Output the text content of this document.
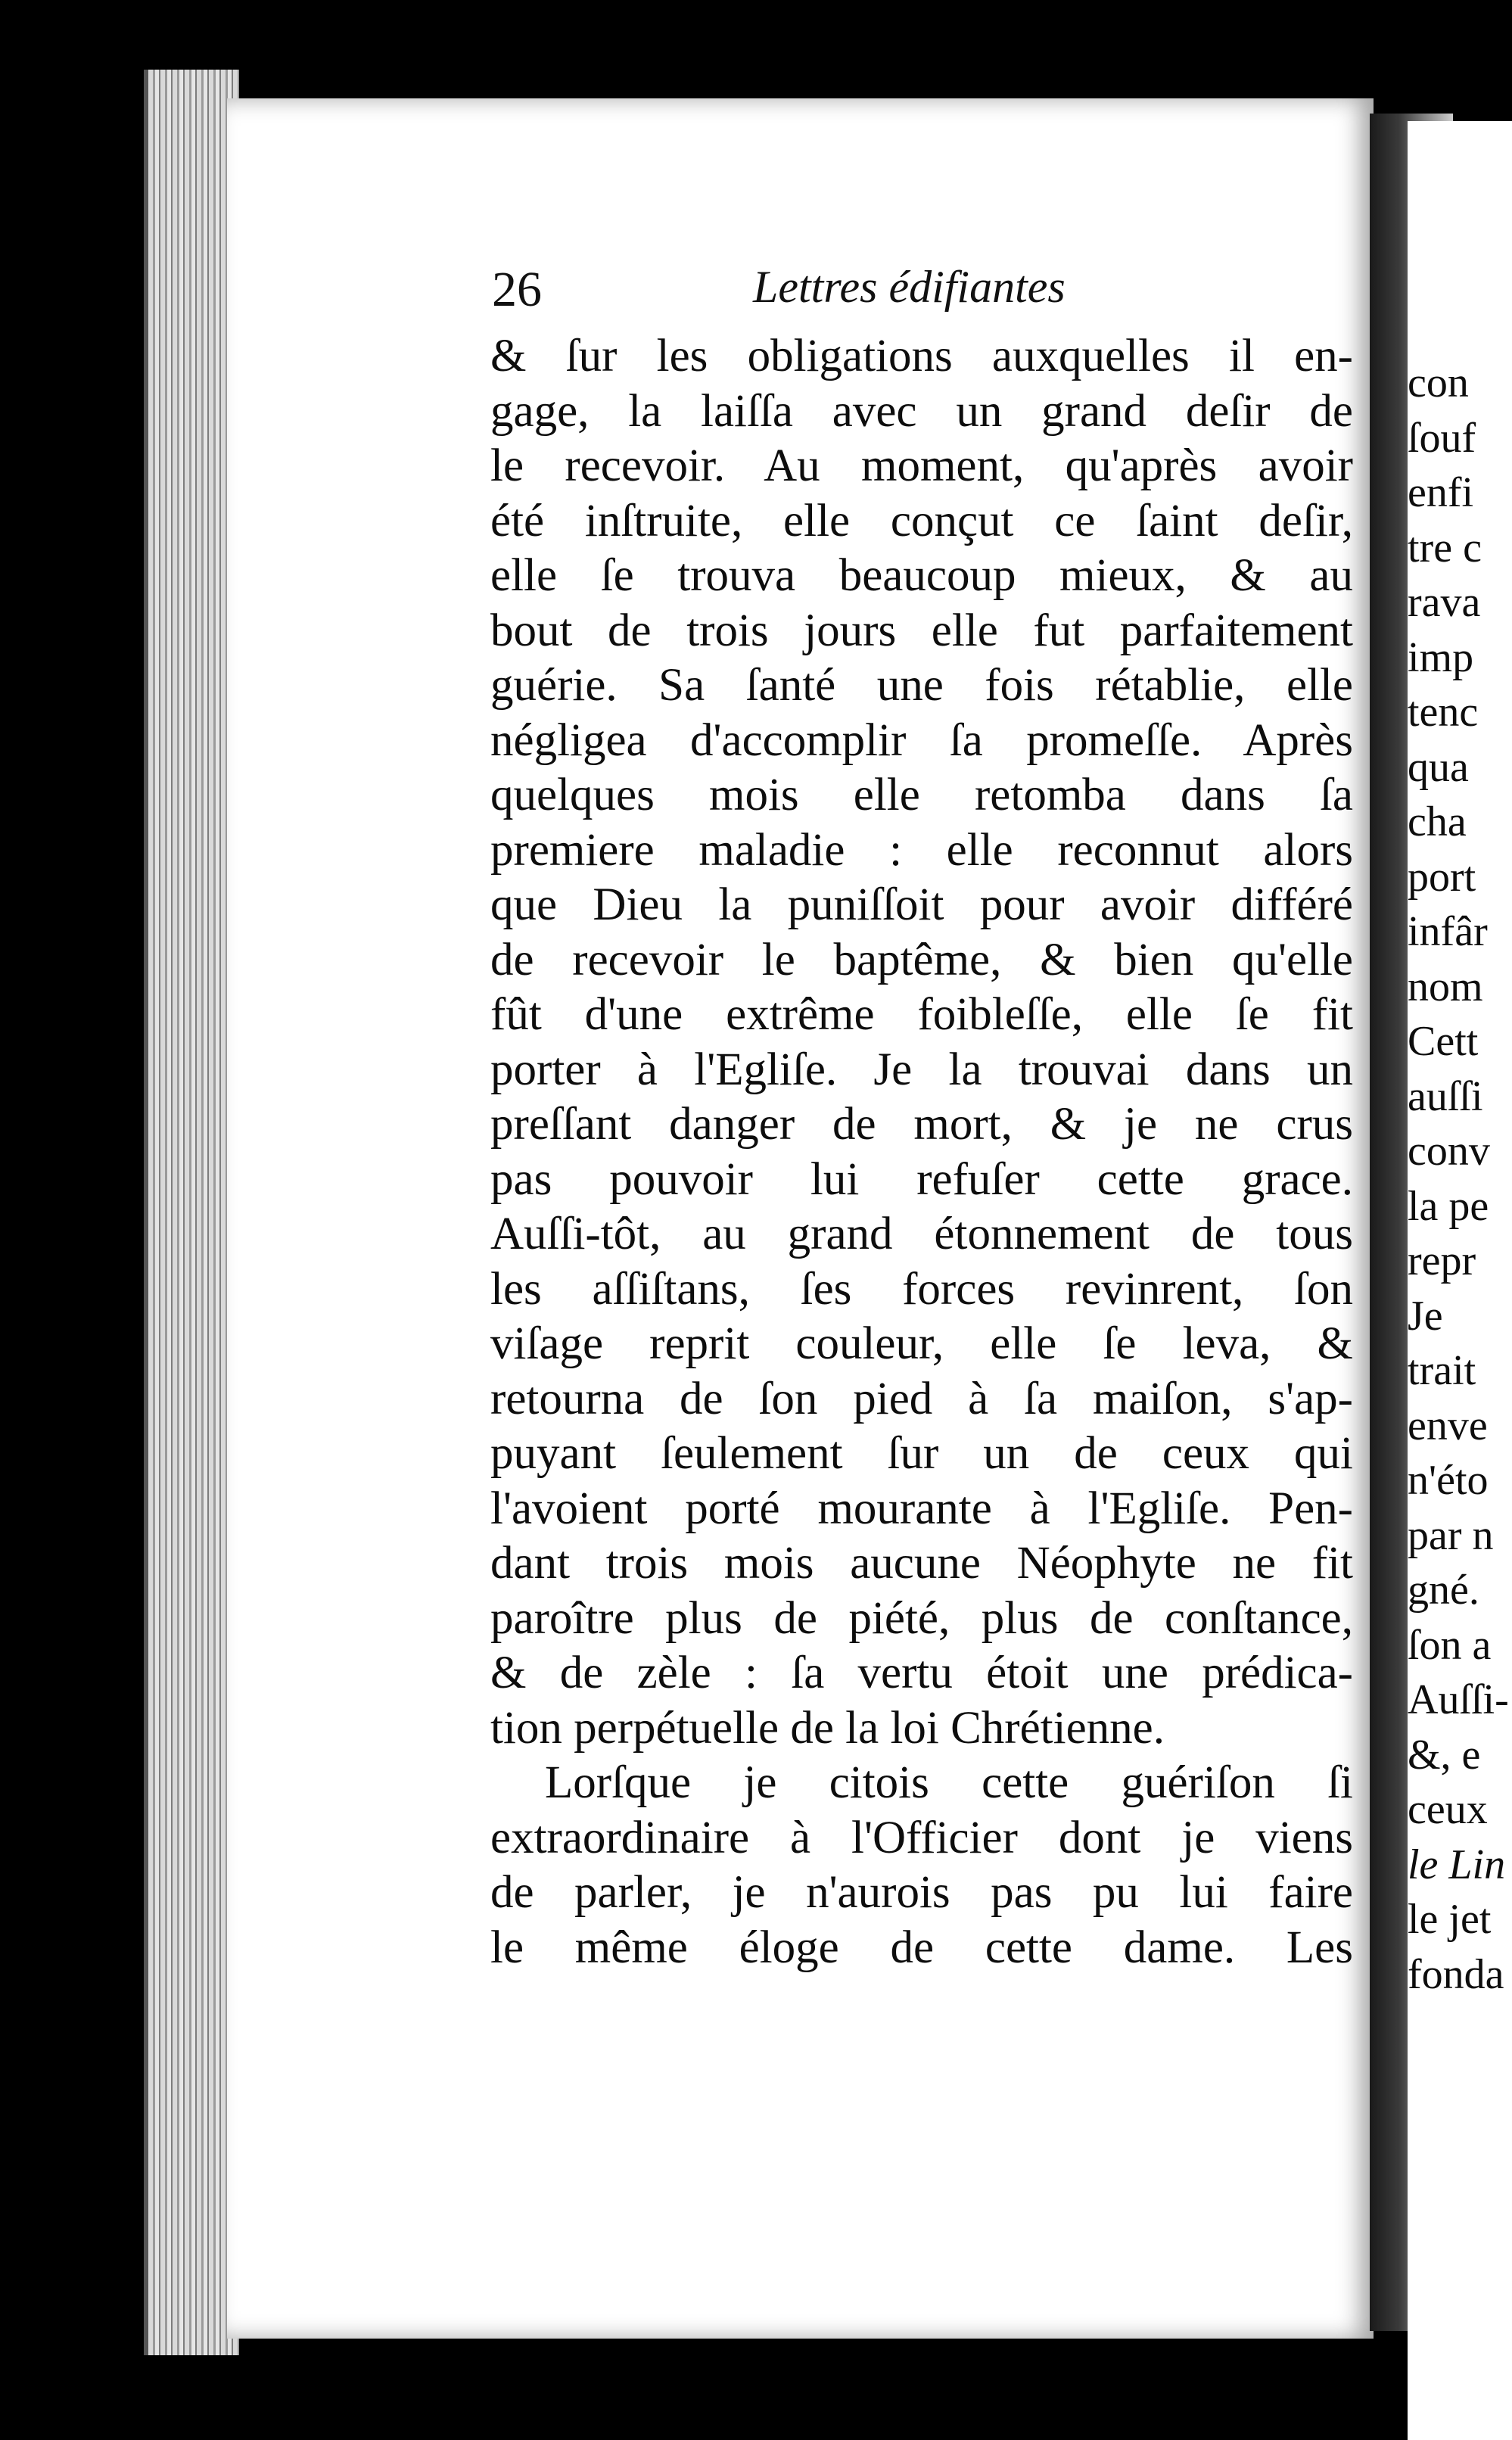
26	Lettres édifiantes
& ſur les obligations auxquelles il en-
gage, la laiſſa avec un grand deſir de
le recevoir. Au moment, qu'après avoir
été inſtruite, elle conçut ce ſaint deſir,
elle ſe trouva beaucoup mieux, & au
bout de trois jours elle fut parfaitement
guérie. Sa ſanté une fois rétablie, elle
négligea d'accomplir ſa promeſſe. Après
quelques mois elle retomba dans ſa
premiere maladie : elle reconnut alors
que Dieu la puniſſoit pour avoir différé
de recevoir le baptême, & bien qu'elle
fût d'une extrême foibleſſe, elle ſe fit
porter à l'Egliſe. Je la trouvai dans un
preſſant danger de mort, & je ne crus
pas pouvoir lui refuſer cette grace.
Auſſi-tôt, au grand étonnement de tous
les aſſiſtans, ſes forces revinrent, ſon
viſage reprit couleur, elle ſe leva, &
retourna de ſon pied à ſa maiſon, s'ap-
puyant ſeulement ſur un de ceux qui
l'avoient porté mourante à l'Egliſe. Pen-
dant trois mois aucune Néophyte ne fit
paroître plus de piété, plus de conſtance,
& de zèle : ſa vertu étoit une prédica-
tion perpétuelle de la loi Chrétienne.
Lorſque je citois cette guériſon ſi
extraordinaire à l'Officier dont je viens
de parler, je n'aurois pas pu lui faire
le même éloge de cette dame. Les
con
ſouf
enfi
tre c
rava
imp
tenc
qua
cha
port
infâr
nom
Cett
auſſi
conv
la pe
repr
Je
trait
enve
n'éto
par n
gné.
ſon a
Auſſi-
&, e
ceux
le Lin
le jet
fonda
